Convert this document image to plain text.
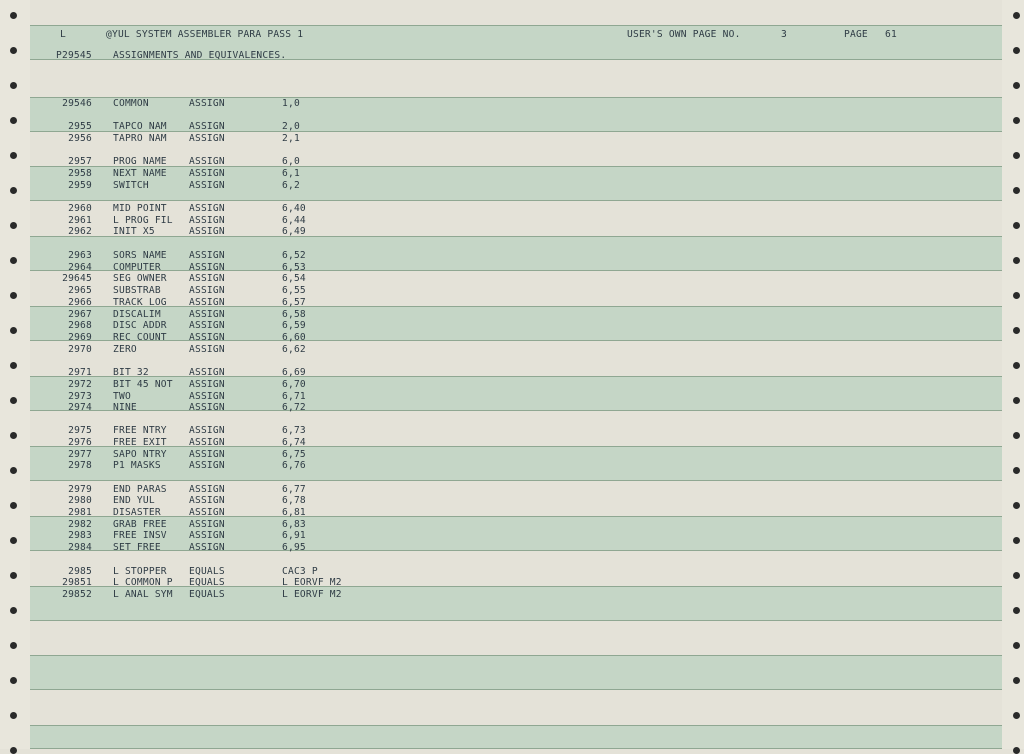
L	@YUL SYSTEM ASSEMBLER PARA PASS 1	USER'S OWN PAGE NO.	3	PAGE 61
P29545 ASSIGNMENTS AND EQUIVALENCES.
29546 COMMON	ASSIGN	1,0
2955 TAPCO NAM ASSIGN	2,0
2956 TAPRO NAM ASSIGN	2,1
2957 PROG NAME ASSIGN	6,0
2958 NEXT NAME ASSIGN	6,1
2959 SWITCH	ASSIGN	6,2
2960 MID POINT ASSIGN	6,40
2961 L PROG FIL ASSIGN	6,44
2962 INIT X5	ASSIGN	6,49
2963 SORS NAME ASSIGN	6,52
2964 COMPUTER	ASSIGN	6,53
29645 SEG OWNER ASSIGN	6,54
2965 SUBSTRAB	ASSIGN	6,55
2966 TRACK LOG ASSIGN	6,57
2967 DISCALIM	ASSIGN	6,58
2968 DISC ADDR ASSIGN	6,59
2969 REC COUNT ASSIGN	6,60
2970 ZERO	ASSIGN	6,62
2971 BIT 32	ASSIGN	6,69
2972 BIT 45 NOT ASSIGN	6,70
2973 TWO	ASSIGN	6,71
2974 NINE	ASSIGN	6,72
2975 FREE NTRY ASSIGN	6,73
2976 FREE EXIT ASSIGN	6,74
2977 SAPO NTRY ASSIGN	6,75
2978 P1 MASKS	ASSIGN	6,76
2979 END PARAS ASSIGN	6,77
2980 END YUL	ASSIGN	6,78
2981 DISASTER	ASSIGN	6,81
2982 GRAB FREE ASSIGN	6,83
2983 FREE INSV ASSIGN	6,91
2984 SET FREE	ASSIGN	6,95
2985 L STOPPER EQUALS	CAC3 P
29851 L COMMON P EQUALS	L EORVF M2
29852 L ANAL SYM EQUALS	L EORVF M2
